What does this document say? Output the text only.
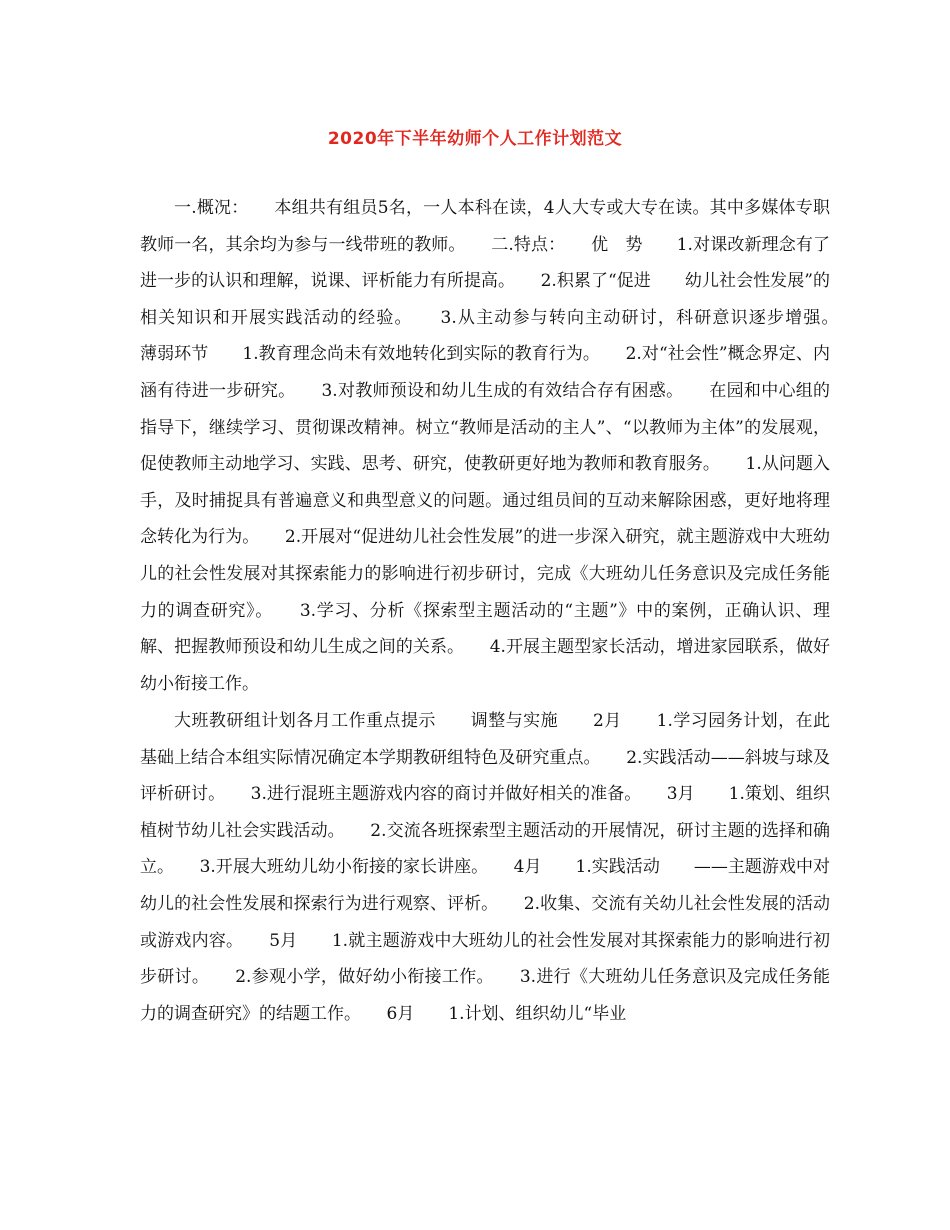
2020年下半年幼师个人工作计划范文

一.概况：　　本组共有组员5名，一人本科在读，4人大专或大专在读。其中多媒体专职教师一名，其余均为参与一线带班的教师。　　二.特点：　　优　势　　1.对课改新理念有了进一步的认识和理解，说课、评析能力有所提高。　　2.积累了“促进　　幼儿社会性发展”的相关知识和开展实践活动的经验。　　3.从主动参与转向主动研讨，科研意识逐步增强。　　薄弱环节　　1.教育理念尚未有效地转化到实际的教育行为。　　2.对“社会性”概念界定、内涵有待进一步研究。　　3.对教师预设和幼儿生成的有效结合存有困惑。　　在园和中心组的指导下，继续学习、贯彻课改精神。树立“教师是活动的主人”、“以教师为主体”的发展观，促使教师主动地学习、实践、思考、研究，使教研更好地为教师和教育服务。　　1.从问题入手，及时捕捉具有普遍意义和典型意义的问题。通过组员间的互动来解除困惑，更好地将理念转化为行为。　　2.开展对“促进幼儿社会性发展”的进一步深入研究，就主题游戏中大班幼儿的社会性发展对其探索能力的影响进行初步研讨，完成《大班幼儿任务意识及完成任务能力的调查研究》。　　3.学习、分析《探索型主题活动的“主题”》中的案例，正确认识、理解、把握教师预设和幼儿生成之间的关系。　　4.开展主题型家长活动，增进家园联系，做好幼小衔接工作。

大班教研组计划各月工作重点提示　　调整与实施　　2月　　1.学习园务计划，在此基础上结合本组实际情况确定本学期教研组特色及研究重点。　　2.实践活动——斜坡与球及评析研讨。　　3.进行混班主题游戏内容的商讨并做好相关的准备。　　3月　　1.策划、组织植树节幼儿社会实践活动。　　2.交流各班探索型主题活动的开展情况，研讨主题的选择和确立。　　3.开展大班幼儿幼小衔接的家长讲座。　　4月　　1.实践活动　　——主题游戏中对幼儿的社会性发展和探索行为进行观察、评析。　　2.收集、交流有关幼儿社会性发展的活动或游戏内容。　　5月　　1.就主题游戏中大班幼儿的社会性发展对其探索能力的影响进行初步研讨。　　2.参观小学，做好幼小衔接工作。　　3.进行《大班幼儿任务意识及完成任务能力的调查研究》的结题工作。　　6月　　1.计划、组织幼儿“毕业
